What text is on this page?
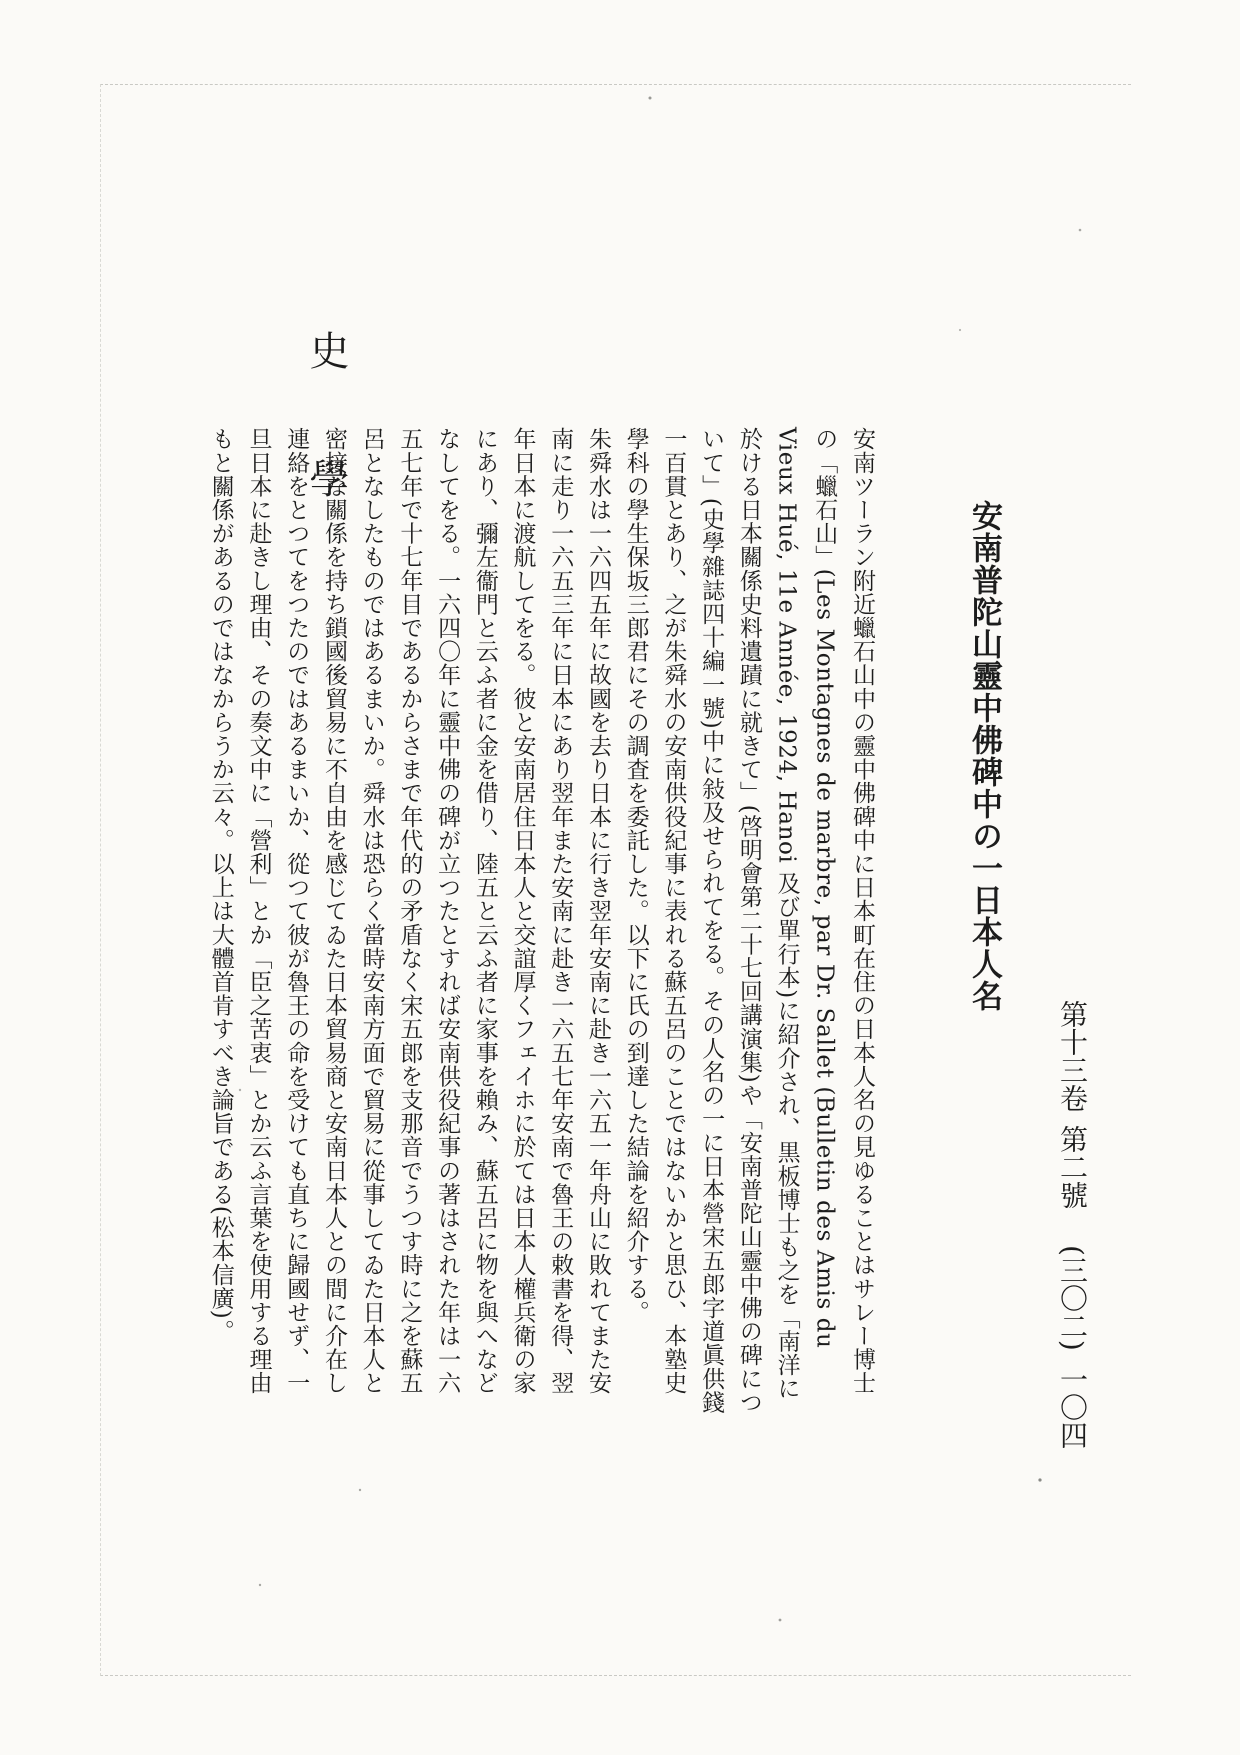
史　學
安南普陀山靈中佛碑中の一日本人名

安南ツーラン附近蠟石山中の靈中佛碑中に日本町在住の日本人名の見ゆることはサレー博士の「蠟石山」(Les Montagnes de marbre, par Dr. Sallet (Bulletin des Amis du Vieux Hué, 11e Année, 1924, Hanoi 及び單行本)に紹介され、黒板博士も之を「南洋に於ける日本關係史料遺蹟に就きて」(啓明會第二十七回講演集)や「安南普陀山靈中佛の碑について」(史學雜誌四十編一號)中に敍及せられてをる。その人名の一に日本營宋五郎字道眞供錢一百貫とあり、之が朱舜水の安南供役紀事に表れる蘇五呂のことではないかと思ひ、本塾史學科の學生保坂三郎君にその調査を委託した。以下に氏の到達した結論を紹介する。

朱舜水は一六四五年に故國を去り日本に行き翌年安南に赴き一六五一年舟山に敗れてまた安南に走り一六五三年に日本にあり翌年また安南に赴き一六五七年安南で魯王の敕書を得、翌年日本に渡航してをる。彼と安南居住日本人と交誼厚くフェイホに於ては日本人權兵衛の家にあり、彌左衞門と云ふ者に金を借り、陸五と云ふ者に家事を賴み、蘇五呂に物を與へなどなしてをる。一六四〇年に靈中佛の碑が立つたとすれば安南供役紀事の著はされた年は一六五七年で十七年目であるからさまで年代的の矛盾なく宋五郎を支那音でうつす時に之を蘇五呂となしたものではあるまいか。舜水は恐らく當時安南方面で貿易に從事してゐた日本人と密接な關係を持ち鎖國後貿易に不自由を感じてゐた日本貿易商と安南日本人との間に介在し連絡をとつてをつたのではあるまいか、從つて彼が魯王の命を受けても直ちに歸國せず、一旦日本に赴きし理由、その奏文中に「營利」とか「臣之苦衷」とか云ふ言葉を使用する理由もと關係があるのではなからうか云々。以上は大體首肯すべき論旨である(松本信廣)。	第十三卷
第二號
(三〇二)
一〇四
